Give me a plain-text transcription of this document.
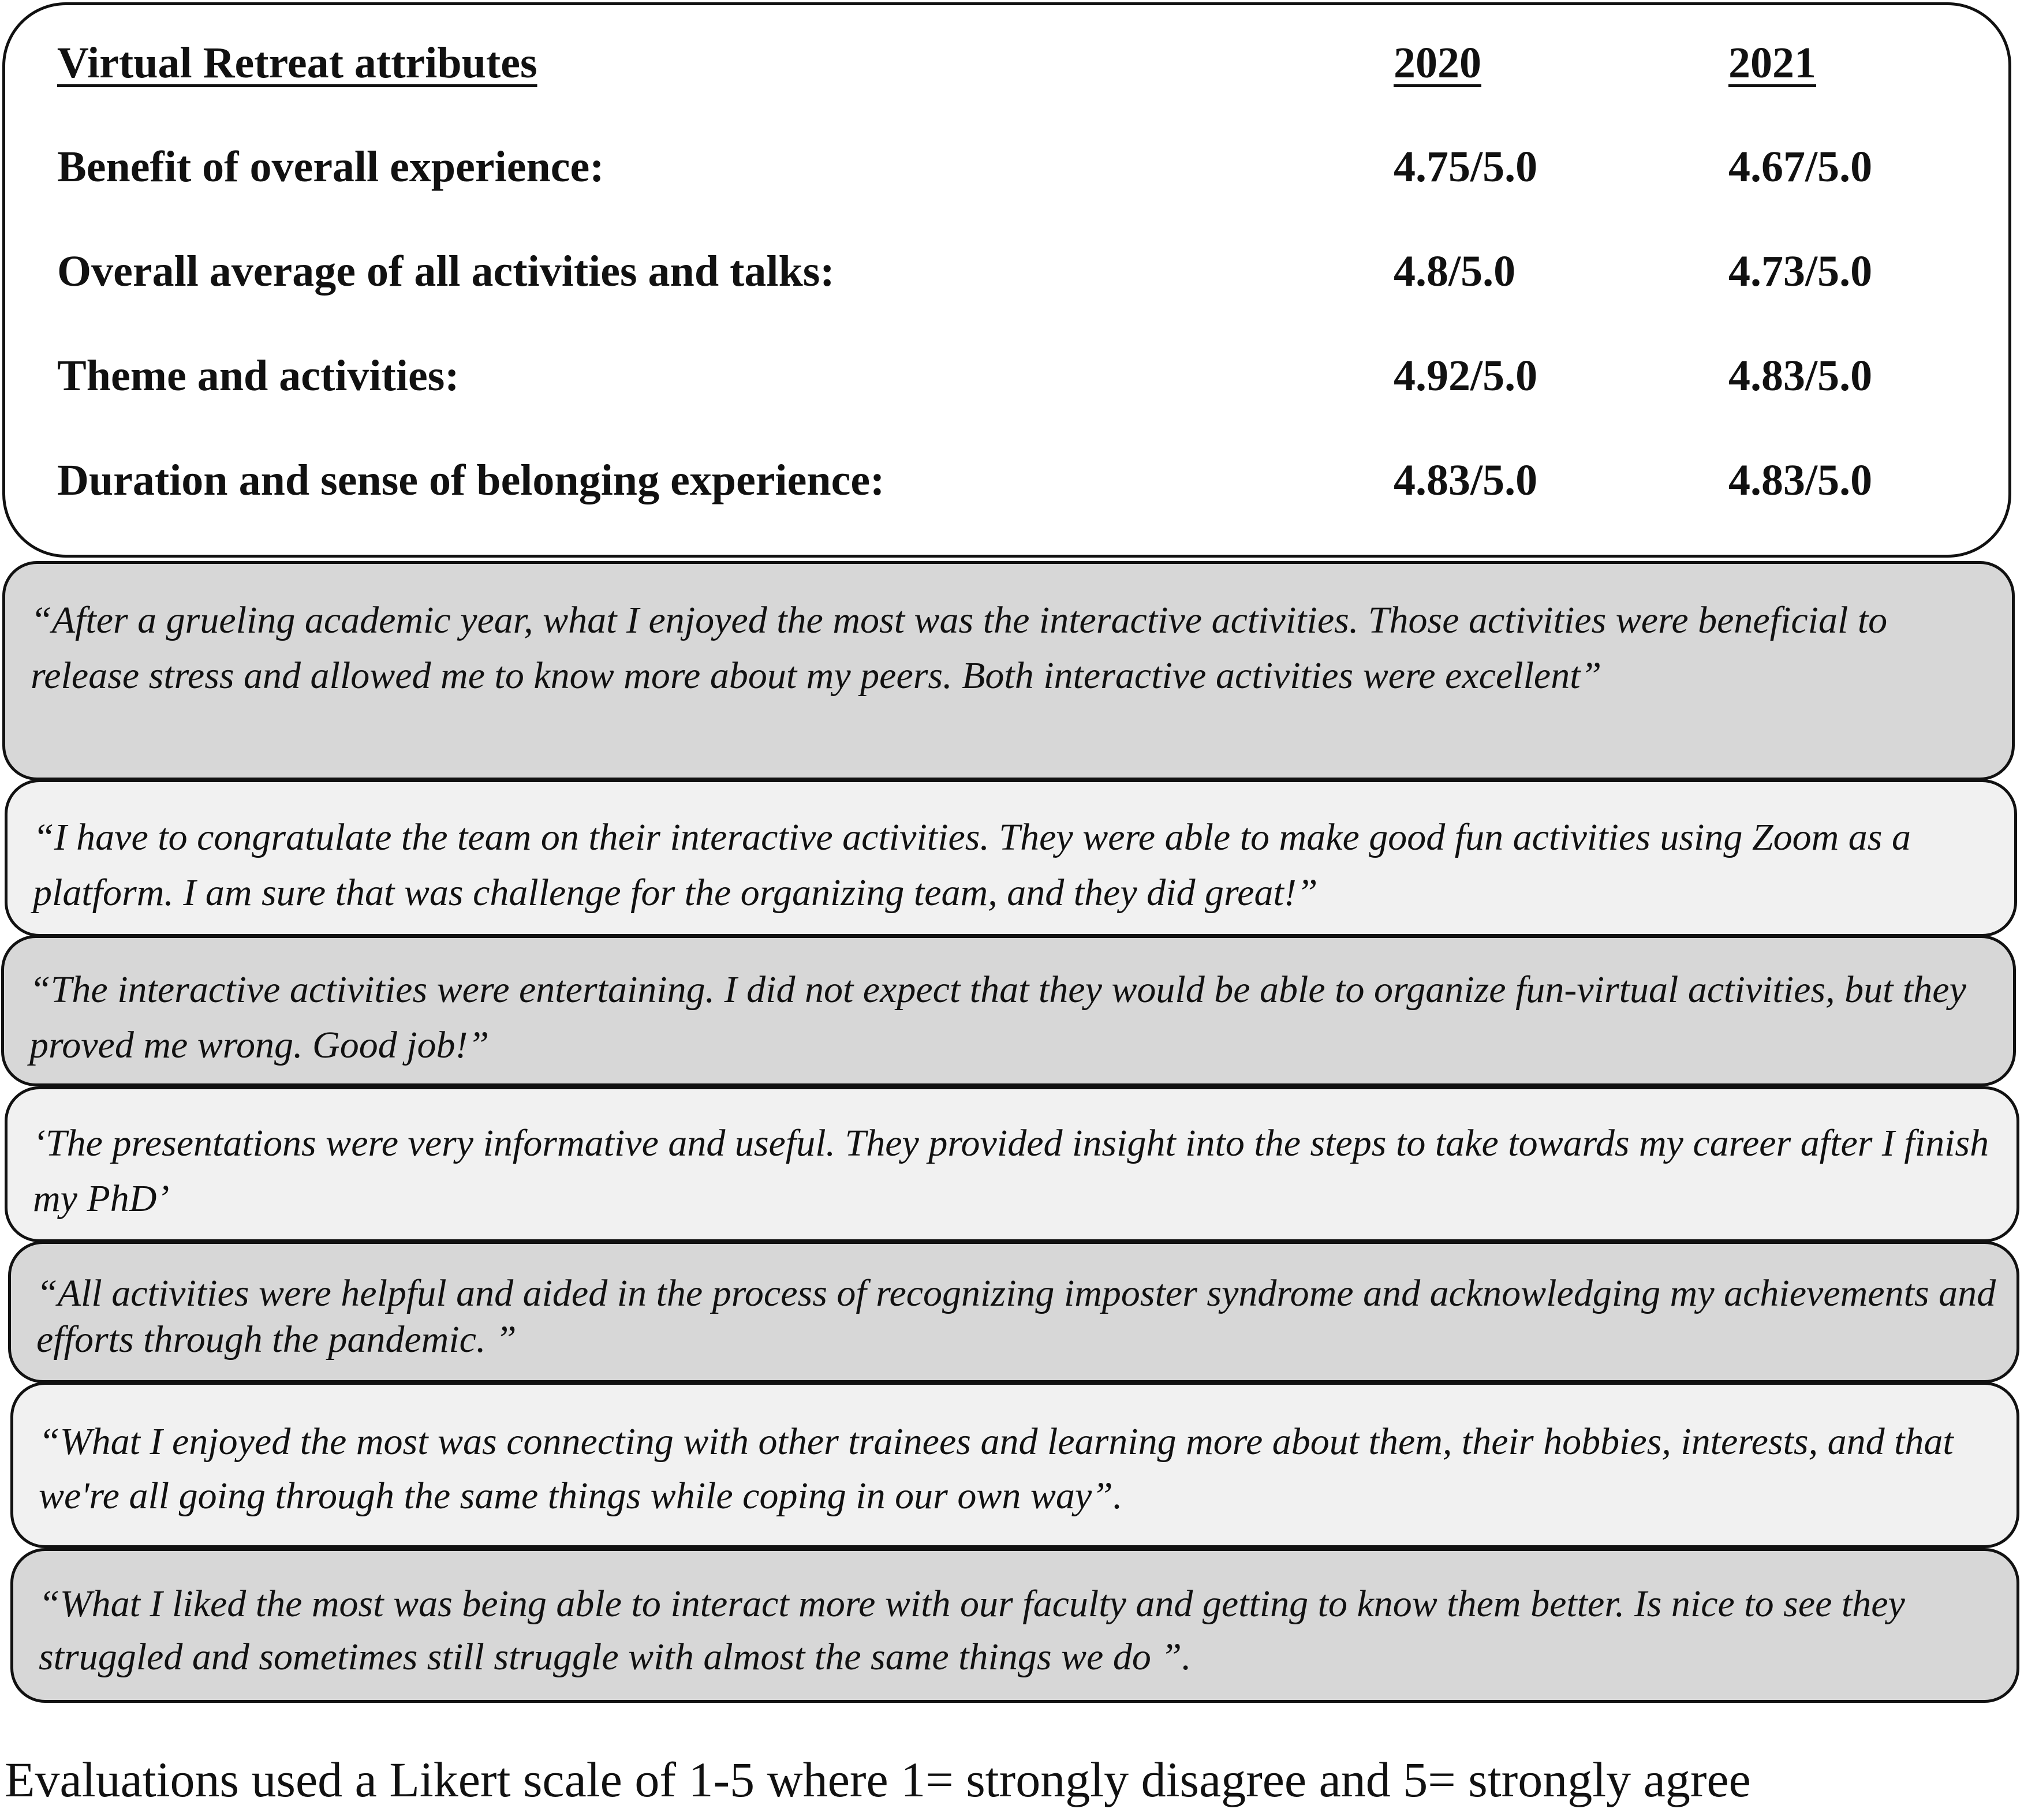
Virtual Retreat attributes	2020	2021
Benefit of overall experience:	4.75/5.0	4.67/5.0
Overall average of all activities and talks:	4.8/5.0	4.73/5.0
Theme and activities:	4.92/5.0	4.83/5.0
Duration and sense of belonging experience:	4.83/5.0	4.83/5.0
“After a grueling academic year, what I enjoyed the most was the interactive activities. Those activities were beneficial to release stress and allowed me to know more about my peers. Both interactive activities were excellent”
“I have to congratulate the team on their interactive activities. They were able to make good fun activities using Zoom as a platform. I am sure that was challenge for the organizing team, and they did great!”
“The interactive activities were entertaining. I did not expect that they would be able to organize fun-virtual activities, but they proved me wrong. Good job!”
‘The presentations were very informative and useful. They provided insight into the steps to take towards my career after I finish my PhD’
“All activities were helpful and aided in the process of recognizing imposter syndrome and acknowledging my achievements and efforts through the pandemic. ”
“What I enjoyed the most was connecting with other trainees and learning more about them, their hobbies, interests, and that we're all going through the same things while coping in our own way”.
“What I liked the most was being able to interact more with our faculty and getting to know them better. Is nice to see they struggled and sometimes still struggle with almost the same things we do ”.
Evaluations used a Likert scale of 1-5 where 1= strongly disagree and 5= strongly agree
